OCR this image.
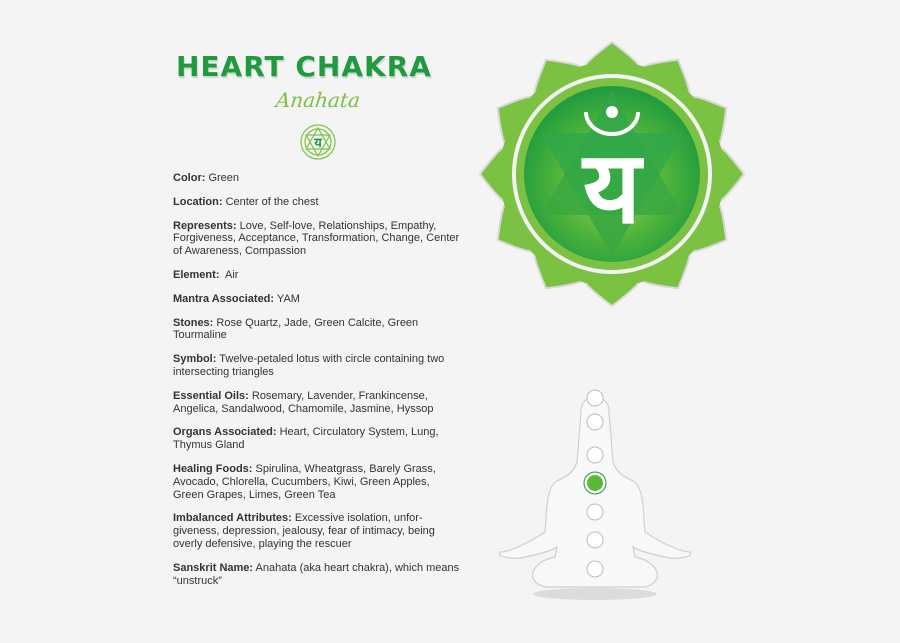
HEART CHAKRA
Anahata
य
Color: Green
Location: Center of the chest
Represents: Love, Self-love, Relationships, Empathy, Forgiveness, Acceptance, Transformation, Change, Center of Awareness, Compassion
Element: Air
Mantra Associated: YAM
Stones: Rose Quartz, Jade, Green Calcite, Green Tourmaline
Symbol: Twelve-petaled lotus with circle containing two intersecting triangles
Essential Oils: Rosemary, Lavender, Frankincense, Angelica, Sandalwood, Chamomile, Jasmine, Hyssop
Organs Associated: Heart, Circulatory System, Lung, Thymus Gland
Healing Foods: Spirulina, Wheatgrass, Barely Grass, Avocado, Chlorella, Cucumbers, Kiwi, Green Apples, Green Grapes, Limes, Green Tea
Imbalanced Attributes: Excessive isolation, unfor-giveness, depression, jealousy, fear of intimacy, being overly defensive, playing the rescuer
Sanskrit Name: Anahata (aka heart chakra), which means “unstruck”
य
